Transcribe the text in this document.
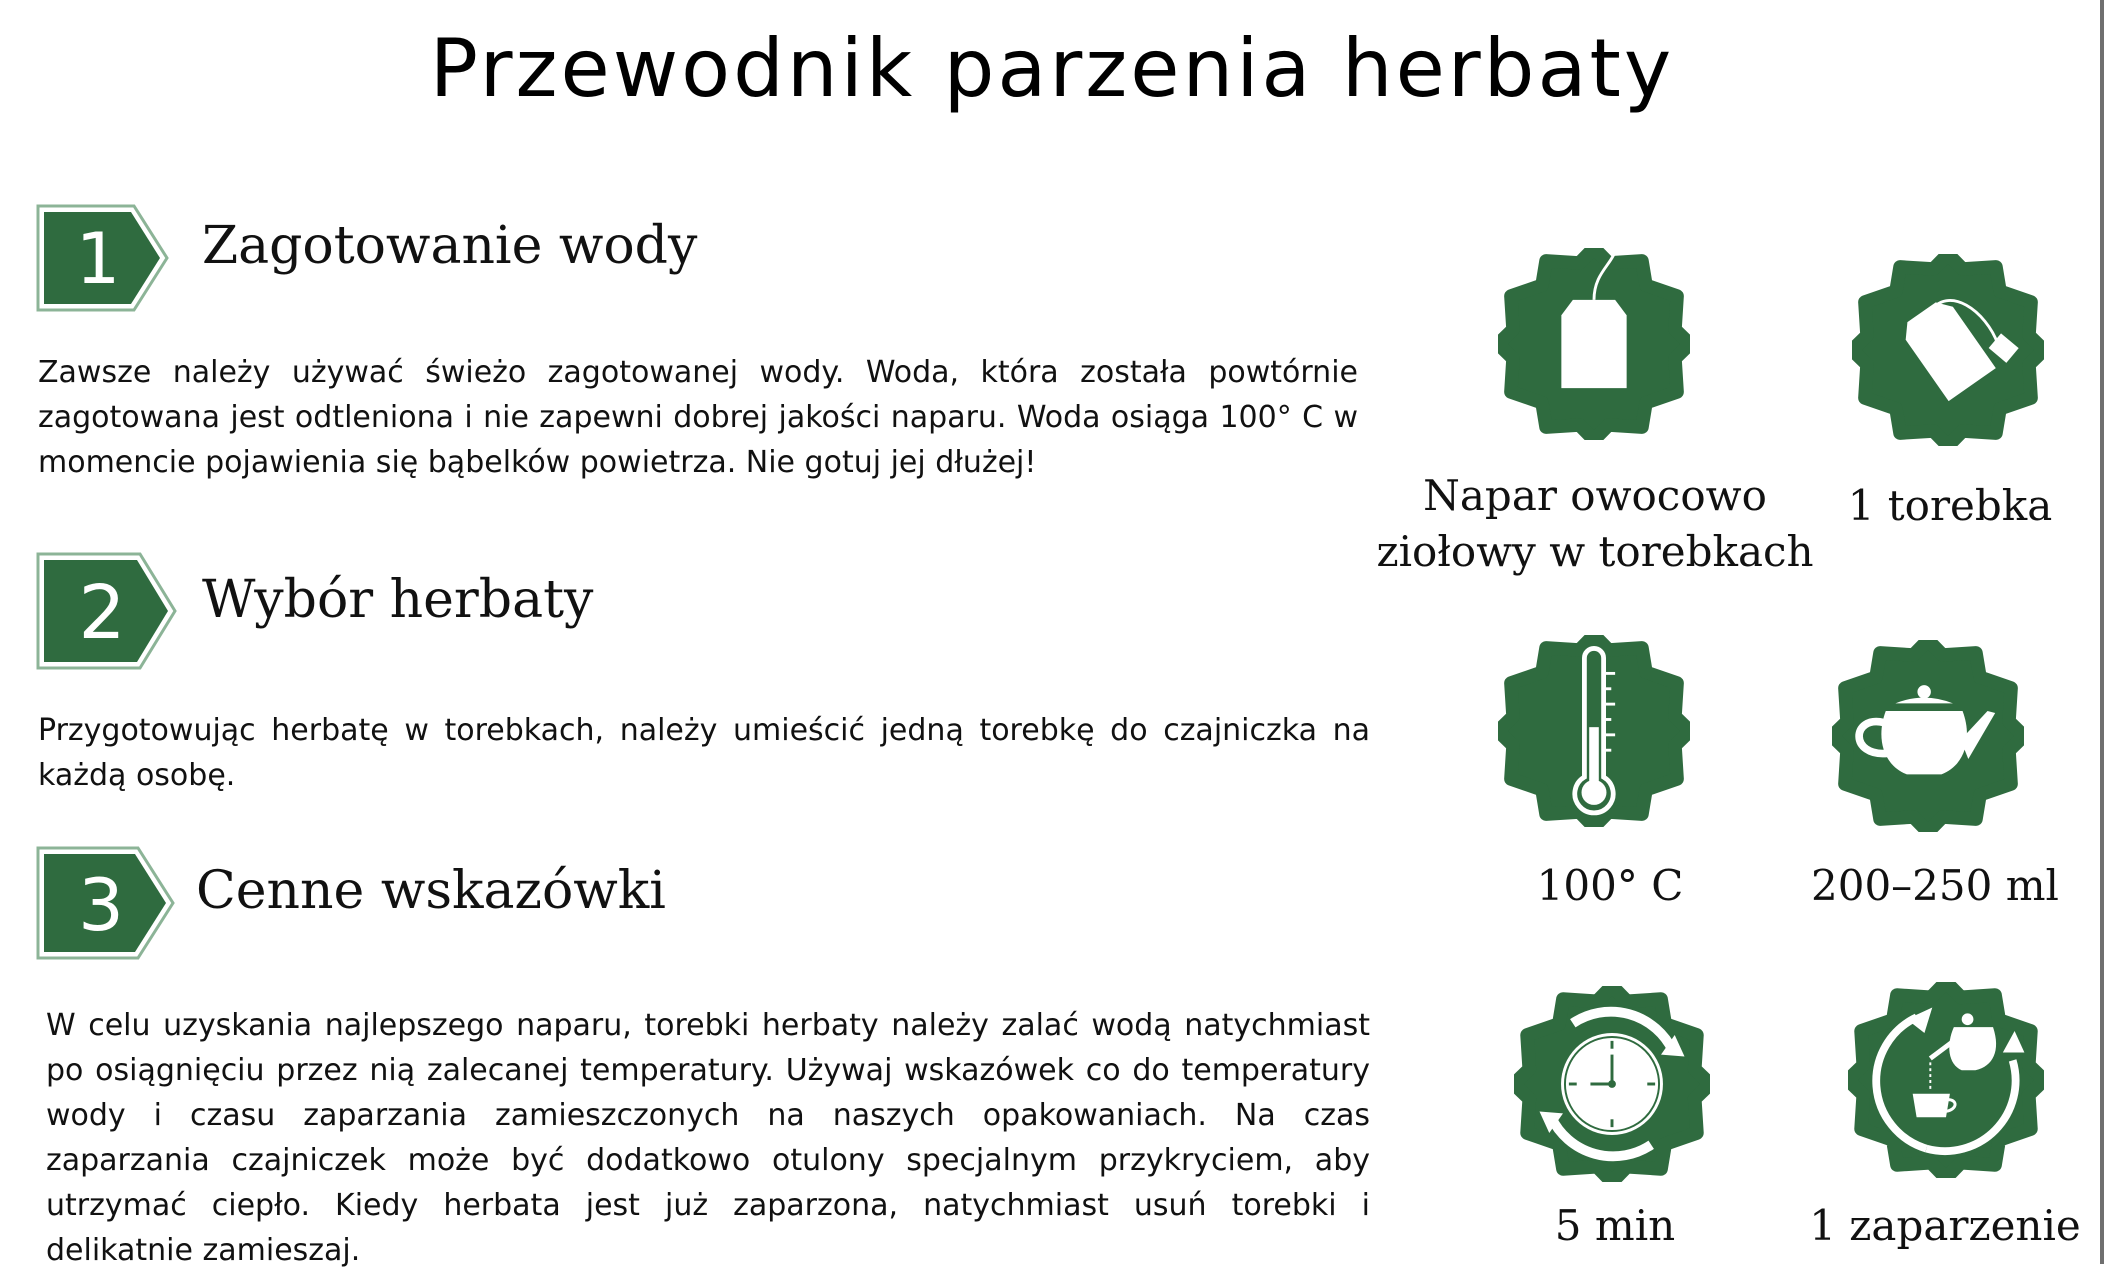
Przewodnik parzenia herbaty
1 Zagotowanie wody
Zawsze należy używać świeżo zagotowanej wody. Woda, która została powtórnie zagotowana jest odtleniona i nie zapewni dobrej jakości naparu. Woda osiąga 100° C w momencie pojawienia się bąbelków powietrza. Nie gotuj jej dłużej!
2 Wybór herbaty
Przygotowując herbatę w torebkach, należy umieścić jedną torebkę do czajniczka na każdą osobę.
3 Cenne wskazówki
W celu uzyskania najlepszego naparu, torebki herbaty należy zalać wodą natychmiast po osiągnięciu przez nią zalecanej temperatury. Używaj wskazówek co do temperatury wody i czasu zaparzania zamieszczonych na naszych opakowaniach. Na czas zaparzania czajniczek może być dodatkowo otulony specjalnym przykryciem, aby utrzymać ciepło. Kiedy herbata jest już zaparzona, natychmiast usuń torebki i delikatnie zamieszaj.
Napar owocowo
ziołowy w torebkach
1 torebka
100° C	200–250 ml
5 min	1 zaparzenie
